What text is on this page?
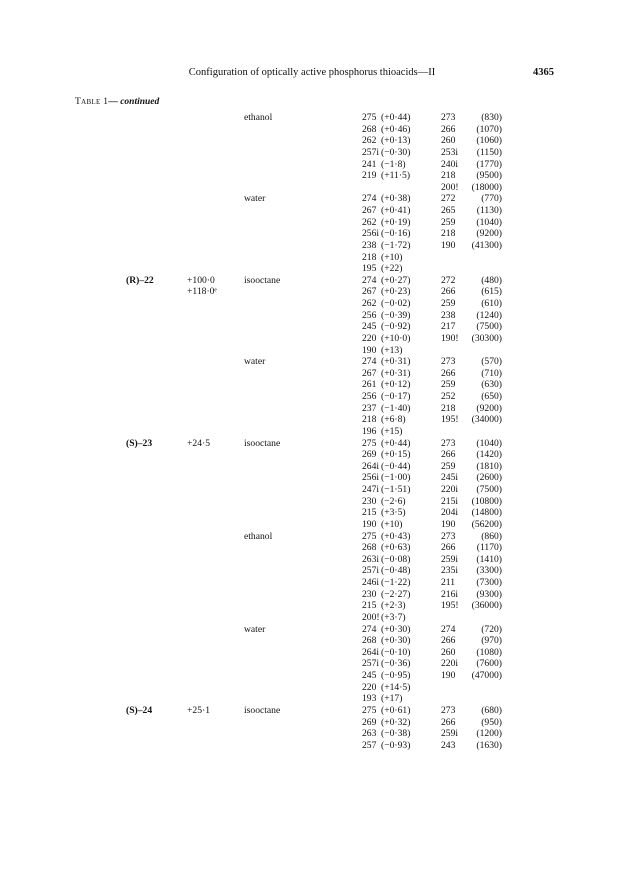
Configuration of optically active phosphorus thioacids—II	4365
Table 1— continued
ethanol	275 (+0·44)	273	(830)
268 (+0·46)	266	(1070)
262 (+0·13)	260	(1060)
257i (−0·30)	253i	(1150)
241 (−1·8)	240i	(1770)
219 (+11·5)	218	(9500)
200!	(18000)
water	274 (+0·38)	272	(770)
267 (+0·41)	265	(1130)
262 (+0·19)	259	(1040)
256i (−0·16)	218	(9200)
238 (−1·72)	190	(41300)
218 (+10)
195 (+22)
(R)–22	+100·0	isooctane	274 (+0·27)	272	(480)
+118·0ᵉ	267 (+0·23)	266	(615)
262 (−0·02)	259	(610)
256 (−0·39)	238	(1240)
245 (−0·92)	217	(7500)
220 (+10·0)	190!	(30300)
190 (+13)
water	274 (+0·31)	273	(570)
267 (+0·31)	266	(710)
261 (+0·12)	259	(630)
256 (−0·17)	252	(650)
237 (−1·40)	218	(9200)
218 (+6·8)	195!	(34000)
196 (+15)
(S)–23	+24·5	isooctane	275 (+0·44)	273	(1040)
269 (+0·15)	266	(1420)
264i (−0·44)	259	(1810)
256i (−1·00)	245i	(2600)
247i (−1·51)	220i	(7500)
230 (−2·6)	215i	(10800)
215 (+3·5)	204i	(14800)
190 (+10)	190	(56200)
ethanol	275 (+0·43)	273	(860)
268 (+0·63)	266	(1170)
263i (−0·08)	259i	(1410)
257i (−0·48)	235i	(3300)
246i (−1·22)	211	(7300)
230 (−2·27)	216i	(9300)
215 (+2·3)	195!	(36000)
200! (+3·7)
water	274 (+0·30)	274	(720)
268 (+0·30)	266	(970)
264i (−0·10)	260	(1080)
257i (−0·36)	220i	(7600)
245 (−0·95)	190	(47000)
220 (+14·5)
193 (+17)
(S)–24	+25·1	isooctane	275 (+0·61)	273	(680)
269 (+0·32)	266	(950)
263 (−0·38)	259i	(1200)
257 (−0·93)	243	(1630)
